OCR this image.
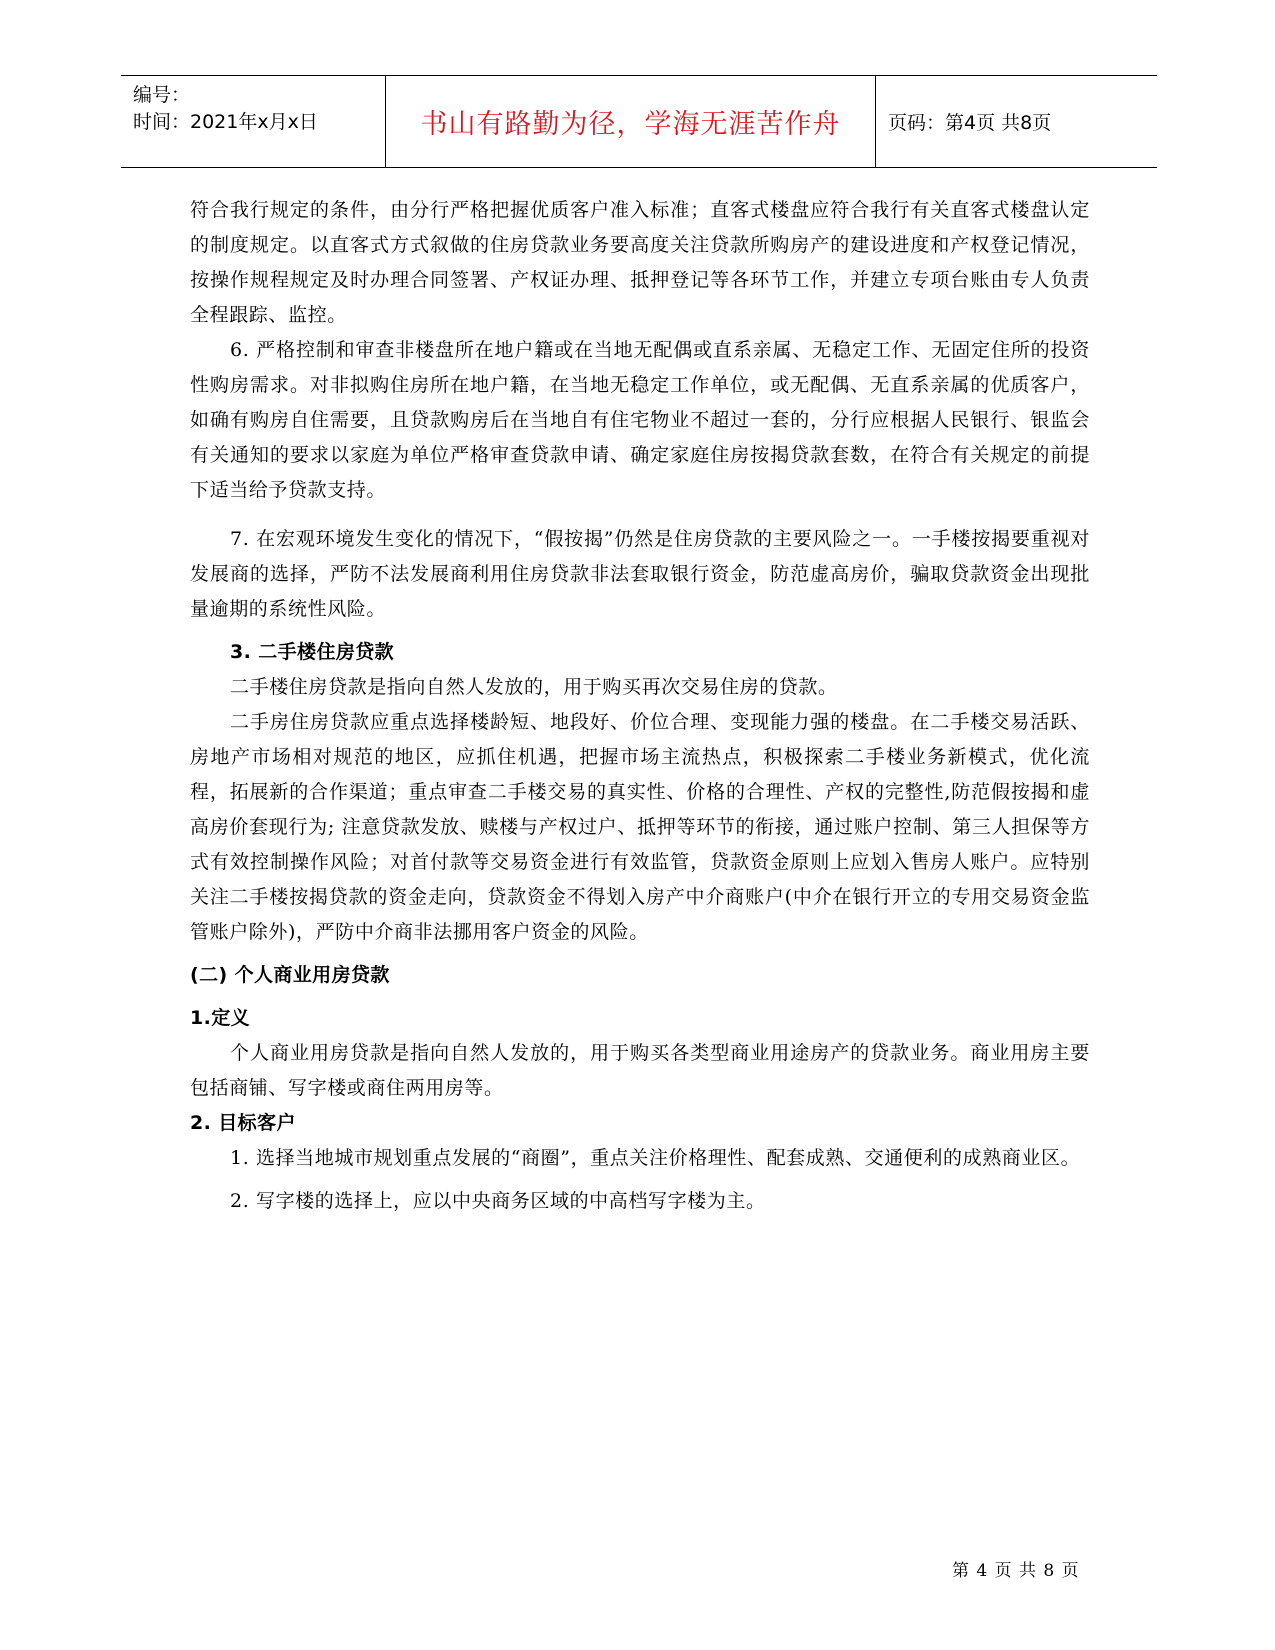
编号：
时间：2021年x月x日	书山有路勤为径，学海无涯苦作舟	页码：第4页 共8页

符合我行规定的条件，由分行严格把握优质客户准入标准；直客式楼盘应符合我行有关直客式楼盘认定的制度规定。以直客式方式叙做的住房贷款业务要高度关注贷款所购房产的建设进度和产权登记情况，按操作规程规定及时办理合同签署、产权证办理、抵押登记等各环节工作，并建立专项台账由专人负责全程跟踪、监控。

6. 严格控制和审查非楼盘所在地户籍或在当地无配偶或直系亲属、无稳定工作、无固定住所的投资性购房需求。对非拟购住房所在地户籍，在当地无稳定工作单位，或无配偶、无直系亲属的优质客户，如确有购房自住需要，且贷款购房后在当地自有住宅物业不超过一套的，分行应根据人民银行、银监会有关通知的要求以家庭为单位严格审查贷款申请、确定家庭住房按揭贷款套数，在符合有关规定的前提下适当给予贷款支持。

7. 在宏观环境发生变化的情况下，“假按揭”仍然是住房贷款的主要风险之一。一手楼按揭要重视对发展商的选择，严防不法发展商利用住房贷款非法套取银行资金，防范虚高房价，骗取贷款资金出现批量逾期的系统性风险。

3. 二手楼住房贷款

二手楼住房贷款是指向自然人发放的，用于购买再次交易住房的贷款。

二手房住房贷款应重点选择楼龄短、地段好、价位合理、变现能力强的楼盘。在二手楼交易活跃、房地产市场相对规范的地区，应抓住机遇，把握市场主流热点，积极探索二手楼业务新模式，优化流程，拓展新的合作渠道；重点审查二手楼交易的真实性、价格的合理性、产权的完整性,防范假按揭和虚高房价套现行为; 注意贷款发放、赎楼与产权过户、抵押等环节的衔接，通过账户控制、第三人担保等方式有效控制操作风险；对首付款等交易资金进行有效监管，贷款资金原则上应划入售房人账户。应特别关注二手楼按揭贷款的资金走向，贷款资金不得划入房产中介商账户(中介在银行开立的专用交易资金监管账户除外)，严防中介商非法挪用客户资金的风险。

(二) 个人商业用房贷款

1.定义

个人商业用房贷款是指向自然人发放的，用于购买各类型商业用途房产的贷款业务。商业用房主要包括商铺、写字楼或商住两用房等。

2. 目标客户

1. 选择当地城市规划重点发展的“商圈”，重点关注价格理性、配套成熟、交通便利的成熟商业区。

2. 写字楼的选择上，应以中央商务区域的中高档写字楼为主。

第 4 页 共 8 页
